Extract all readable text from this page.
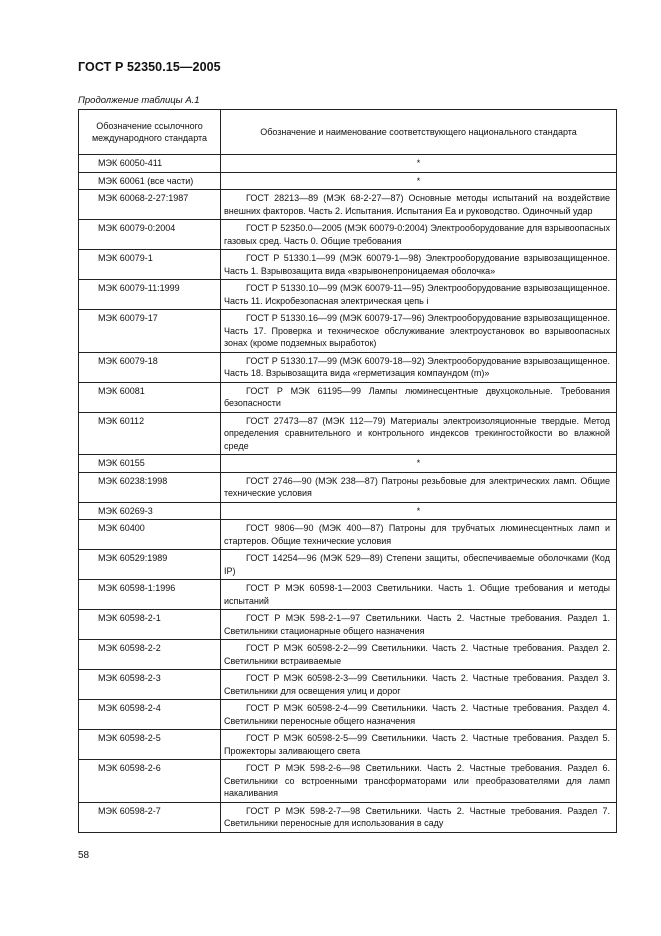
ГОСТ Р 52350.15—2005
Продолжение таблицы А.1
Обозначение ссылочного международного стандарта	Обозначение и наименование соответствующего национального стандарта
МЭК 60050-411	*
МЭК 60061 (все части)	*
МЭК 60068-2-27:1987	ГОСТ 28213—89 (МЭК 68-2-27—87) Основные методы испытаний на воздействие внешних факторов. Часть 2. Испытания. Испытания Еа и руководство. Одиночный удар
МЭК 60079-0:2004	ГОСТ Р 52350.0—2005 (МЭК 60079-0:2004) Электрооборудование для взрывоопасных газовых сред. Часть 0. Общие требования
МЭК 60079-1	ГОСТ Р 51330.1—99 (МЭК 60079-1—98) Электрооборудование взрывозащищенное. Часть 1. Взрывозащита вида «взрывонепроницаемая оболочка»
МЭК 60079-11:1999	ГОСТ Р 51330.10—99 (МЭК 60079-11—95) Электрооборудование взрывозащищенное. Часть 11. Искробезопасная электрическая цепь i
МЭК 60079-17	ГОСТ Р 51330.16—99 (МЭК 60079-17—96) Электрооборудование взрывозащищенное. Часть 17. Проверка и техническое обслуживание электроустановок во взрывоопасных зонах (кроме подземных выработок)
МЭК 60079-18	ГОСТ Р 51330.17—99 (МЭК 60079-18—92) Электрооборудование взрывозащищенное. Часть 18. Взрывозащита вида «герметизация компаундом (m)»
МЭК 60081	ГОСТ Р МЭК 61195—99 Лампы люминесцентные двухцокольные. Требования безопасности
МЭК 60112	ГОСТ 27473—87 (МЭК 112—79) Материалы электроизоляционные твердые. Метод определения сравнительного и контрольного индексов трекингостойкости во влажной среде
МЭК 60155	*
МЭК 60238:1998	ГОСТ 2746—90 (МЭК 238—87) Патроны резьбовые для электрических ламп. Общие технические условия
МЭК 60269-3	*
МЭК 60400	ГОСТ 9806—90 (МЭК 400—87) Патроны для трубчатых люминесцентных ламп и стартеров. Общие технические условия
МЭК 60529:1989	ГОСТ 14254—96 (МЭК 529—89) Степени защиты, обеспечиваемые оболочками (Код IP)
МЭК 60598-1:1996	ГОСТ Р МЭК 60598-1—2003 Светильники. Часть 1. Общие требования и методы испытаний
МЭК 60598-2-1	ГОСТ Р МЭК 598-2-1—97 Светильники. Часть 2. Частные требования. Раздел 1. Светильники стационарные общего назначения
МЭК 60598-2-2	ГОСТ Р МЭК 60598-2-2—99 Светильники. Часть 2. Частные требования. Раздел 2. Светильники встраиваемые
МЭК 60598-2-3	ГОСТ Р МЭК 60598-2-3—99 Светильники. Часть 2. Частные требования. Раздел 3. Светильники для освещения улиц и дорог
МЭК 60598-2-4	ГОСТ Р МЭК 60598-2-4—99 Светильники. Часть 2. Частные требования. Раздел 4. Светильники переносные общего назначения
МЭК 60598-2-5	ГОСТ Р МЭК 60598-2-5—99 Светильники. Часть 2. Частные требования. Раздел 5. Прожекторы заливающего света
МЭК 60598-2-6	ГОСТ Р МЭК 598-2-6—98 Светильники. Часть 2. Частные требования. Раздел 6. Светильники со встроенными трансформаторами или преобразователями для ламп накаливания
МЭК 60598-2-7	ГОСТ Р МЭК 598-2-7—98 Светильники. Часть 2. Частные требования. Раздел 7. Светильники переносные для использования в саду
58
